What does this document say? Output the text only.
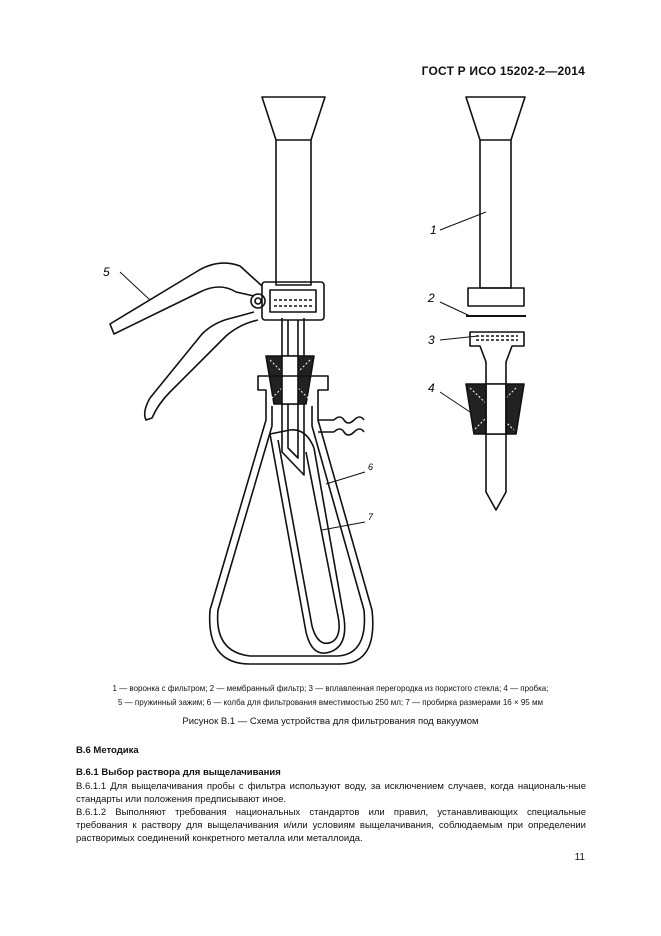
ГОСТ Р ИСО 15202-2—2014
1
2
3
4
5
6
7
1 — воронка с фильтром; 2 — мембранный фильтр; 3 — вплавленная перегородка из пористого стекла; 4 — пробка;
5 — пружинный зажим; 6 — колба для фильтрования вместимостью 250 мл; 7 — пробирка размерами 16 × 95 мм
Рисунок В.1 — Схема устройства для фильтрования под вакуумом
В.6 Методика
В.6.1 Выбор раствора для выщелачивания
В.6.1.1 Для выщелачивания пробы с фильтра используют воду, за исключением случаев, когда националь-ные стандарты или положения предписывают иное.
В.6.1.2 Выполняют требования национальных стандартов или правил, устанавливающих специальные требования к раствору для выщелачивания и/или условиям выщелачивания, соблюдаемым при определении растворимых соединений конкретного металла или металлоида.
11
